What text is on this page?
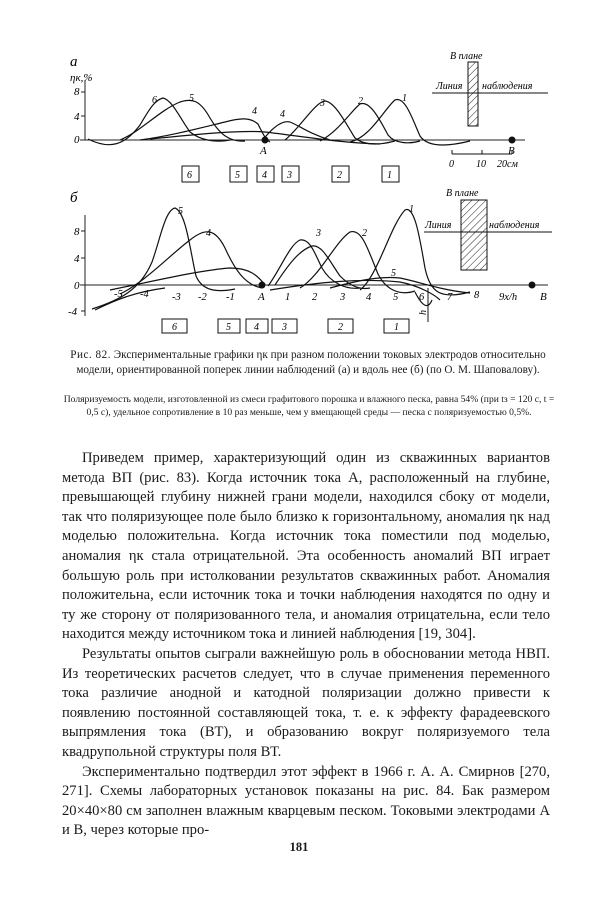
а
ηк,%
8
4
0
A	B
6	5
4 4
3	2	1
6	5 4 3	2	1
0 10 20см
В плане
Линия наблюдения
б
8
4
0
-4
5
4	3	2
1
5
-5 -4 -3 -2 -1	1 2 3 4 5 6 7 8 9x/h
A	B
h
6	5 4 3	2	1
В плане
Линия	наблюдения
Рис. 82. Экспериментальные графики ηк при разном положении токовых электродов относительно модели, ориентированной поперек линии наблюдений (а) и вдоль нее (б) (по О. М. Шаповалову).
Поляризуемость модели, изготовленной из смеси графитового порошка и влажного песка, равна 54% (при tз = 120 с, t = 0,5 с), удельное сопротивление в 10 раз меньше, чем у вмещающей среды — песка с поляризуемостью 0,5%.

Приведем пример, характеризующий один из скважинных вариантов метода ВП (рис. 83). Когда источник тока А, расположенный на глубине, превышающей глубину нижней грани модели, находился сбоку от модели, так что поляризующее поле было близко к горизонтальному, аномалия ηк над моделью положительна. Когда источник тока поместили под моделью, аномалия ηк стала отрицательной. Эта особенность аномалий ВП играет большую роль при истолковании результатов скважинных работ. Аномалия положительна, если источник тока и точки наблюдения находятся по одну и ту же сторону от поляризованного тела, и аномалия отрицательна, если тело находится между источником тока и линией наблюдения [19, 304].

Результаты опытов сыграли важнейшую роль в обосновании метода НВП. Из теоретических расчетов следует, что в случае применения переменного тока различие анодной и катодной поляризации должно привести к появлению постоянной составляющей тока, т. е. к эффекту фарадеевского выпрямления тока (ВТ), и образованию вокруг поляризуемого тела квадрупольной структуры поля ВТ.

Экспериментально подтвердил этот эффект в 1966 г. А. А. Смирнов [270, 271]. Схемы лабораторных установок показаны на рис. 84. Бак размером 20×40×80 см заполнен влажным кварцевым песком. Токовыми электродами А и В, через которые про-

181
